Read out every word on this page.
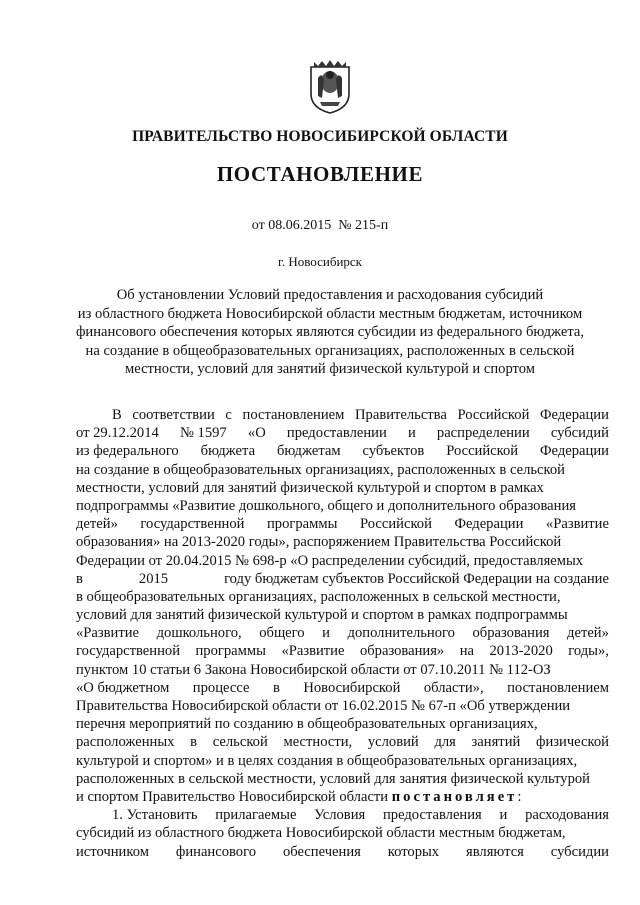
ПРАВИТЕЛЬСТВО НОВОСИБИРСКОЙ ОБЛАСТИ
ПОСТАНОВЛЕНИЕ
от 08.06.2015 № 215-п
г. Новосибирск
Об установлении Условий предоставления и расходования субсидий
из областного бюджета Новосибирской области местным бюджетам, источником
финансового обеспечения которых являются субсидии из федерального бюджета,
на создание в общеобразовательных организациях, расположенных в сельской
местности, условий для занятий физической культурой и спортом
В соответствии с постановлением Правительства Российской Федерации
от 29.12.2014 № 1597 «О предоставлении и распределении субсидий
из федерального бюджета бюджетам субъектов Российской Федерации
на создание в общеобразовательных организациях, расположенных в сельской
местности, условий для занятий физической культурой и спортом в рамках
подпрограммы «Развитие дошкольного, общего и дополнительного образования
детей» государственной программы Российской Федерации «Развитие
образования» на 2013-2020 годы», распоряжением Правительства Российской
Федерации от 20.04.2015 № 698-р «О распределении субсидий, предоставляемых
в	2015	году бюджетам субъектов Российской Федерации на создание
в общеобразовательных организациях, расположенных в сельской местности,
условий для занятий физической культурой и спортом в рамках подпрограммы
«Развитие дошкольного, общего и дополнительного образования детей»
государственной программы «Развитие образования» на 2013-2020 годы»,
пунктом 10 статьи 6 Закона Новосибирской области от 07.10.2011 № 112-ОЗ
«О бюджетном процессе в Новосибирской области», постановлением
Правительства Новосибирской области от 16.02.2015 № 67-п «Об утверждении
перечня мероприятий по созданию в общеобразовательных организациях,
расположенных в сельской местности, условий для занятий физической
культурой и спортом» и в целях создания в общеобразовательных организациях,
расположенных в сельской местности, условий для занятия физической культурой
и спортом Правительство Новосибирской области
постановляет :
1. Установить прилагаемые Условия предоставления и расходования
субсидий из областного бюджета Новосибирской области местным бюджетам,
источником финансового обеспечения которых являются субсидии
